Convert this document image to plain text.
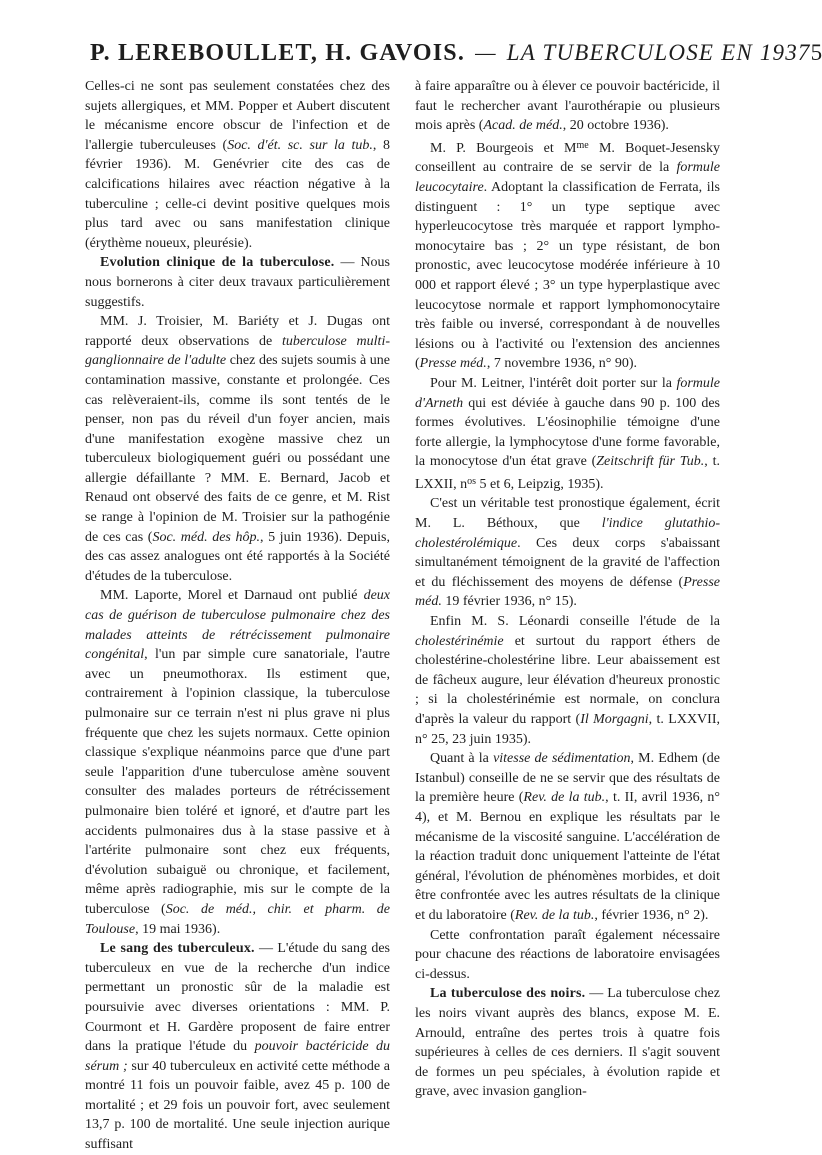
P. LEREBOULLET, H. GAVOIS. — LA TUBERCULOSE EN 1937 5

Celles-ci ne sont pas seulement constatées chez des sujets allergiques, et MM. Popper et Aubert discutent le mécanisme encore obscur de l'infection et de l'allergie tuberculeuses (Soc. d'ét. sc. sur la tub., 8 février 1936). M. Genévrier cite des cas de calcifications hilaires avec réaction négative à la tuberculine ; celle-ci devint positive quelques mois plus tard avec ou sans manifestation clinique (érythème noueux, pleurésie).

Evolution clinique de la tuberculose. — Nous nous bornerons à citer deux travaux particulièrement suggestifs.

MM. J. Troisier, M. Bariéty et J. Dugas ont rapporté deux observations de tuberculose multi-ganglionnaire de l'adulte chez des sujets soumis à une contamination massive, constante et prolongée. Ces cas relèveraient-ils, comme ils sont tentés de le penser, non pas du réveil d'un foyer ancien, mais d'une manifestation exogène massive chez un tuberculeux biologiquement guéri ou possédant une allergie défaillante ? MM. E. Bernard, Jacob et Renaud ont observé des faits de ce genre, et M. Rist se range à l'opinion de M. Troisier sur la pathogénie de ces cas (Soc. méd. des hôp., 5 juin 1936). Depuis, des cas assez analogues ont été rapportés à la Société d'études de la tuberculose.

MM. Laporte, Morel et Darnaud ont publié deux cas de guérison de tuberculose pulmonaire chez des malades atteints de rétrécissement pulmonaire congénital, l'un par simple cure sanatoriale, l'autre avec un pneumothorax. Ils estiment que, contrairement à l'opinion classique, la tuberculose pulmonaire sur ce terrain n'est ni plus grave ni plus fréquente que chez les sujets normaux. Cette opinion classique s'explique néanmoins parce que d'une part seule l'apparition d'une tuberculose amène souvent consulter des malades porteurs de rétrécissement pulmonaire bien toléré et ignoré, et d'autre part les accidents pulmonaires dus à la stase passive et à l'artérite pulmonaire sont chez eux fréquents, d'évolution subaiguë ou chronique, et facilement, même après radiographie, mis sur le compte de la tuberculose (Soc. de méd., chir. et pharm. de Toulouse, 19 mai 1936).

Le sang des tuberculeux. — L'étude du sang des tuberculeux en vue de la recherche d'un indice permettant un pronostic sûr de la maladie est poursuivie avec diverses orientations : MM. P. Courmont et H. Gardère proposent de faire entrer dans la pratique l'étude du pouvoir bactéricide du sérum ; sur 40 tuberculeux en activité cette méthode a montré 11 fois un pouvoir faible, avez 45 p. 100 de mortalité ; et 29 fois un pouvoir fort, avec seulement 13,7 p. 100 de mortalité. Une seule injection aurique suffisant

à faire apparaître ou à élever ce pouvoir bactéricide, il faut le rechercher avant l'aurothérapie ou plusieurs mois après (Acad. de méd., 20 octobre 1936).

M. P. Bourgeois et $M^{me}$ M. Boquet-Jesensky conseillent au contraire de se servir de la formule leucocytaire. Adoptant la classification de Ferrata, ils distinguent : 1° un type septique avec hyperleucocytose très marquée et rapport lympho-monocytaire bas ; 2° un type résistant, de bon pronostic, avec leucocytose modérée inférieure à 10 000 et rapport élevé ; 3° un type hyperplastique avec leucocytose normale et rapport lymphomonocytaire très faible ou inversé, correspondant à de nouvelles lésions ou à l'activité ou l'extension des anciennes (Presse méd., 7 novembre 1936, n° 90).

Pour M. Leitner, l'intérêt doit porter sur la formule d'Arneth qui est déviée à gauche dans 90 p. 100 des formes évolutives. L'éosinophilie témoigne d'une forte allergie, la lymphocytose d'une forme favorable, la monocytose d'un état grave (Zeitschrift für Tub., t. LXXII, $n^{os}$ 5 et 6, Leipzig, 1935).

C'est un véritable test pronostique également, écrit M. L. Béthoux, que l'indice glutathio-cholestérolémique. Ces deux corps s'abaissant simultanément témoignent de la gravité de l'affection et du fléchissement des moyens de défense (Presse méd. 19 février 1936, n° 15).

Enfin M. S. Léonardi conseille l'étude de la cholestérinémie et surtout du rapport éthers de cholestérine-cholestérine libre. Leur abaissement est de fâcheux augure, leur élévation d'heureux pronostic ; si la cholestérinémie est normale, on conclura d'après la valeur du rapport (Il Morgagni, t. LXXVII, n° 25, 23 juin 1935).

Quant à la vitesse de sédimentation, M. Edhem (de Istanbul) conseille de ne se servir que des résultats de la première heure (Rev. de la tub., t. II, avril 1936, n° 4), et M. Bernou en explique les résultats par le mécanisme de la viscosité sanguine. L'accélération de la réaction traduit donc uniquement l'atteinte de l'état général, l'évolution de phénomènes morbides, et doit être confrontée avec les autres résultats de la clinique et du laboratoire (Rev. de la tub., février 1936, n° 2).

Cette confrontation paraît également nécessaire pour chacune des réactions de laboratoire envisagées ci-dessus.

La tuberculose des noirs. — La tuberculose chez les noirs vivant auprès des blancs, expose M. E. Arnould, entraîne des pertes trois à quatre fois supérieures à celles de ces derniers. Il s'agit souvent de formes un peu spéciales, à évolution rapide et grave, avec invasion ganglion-
